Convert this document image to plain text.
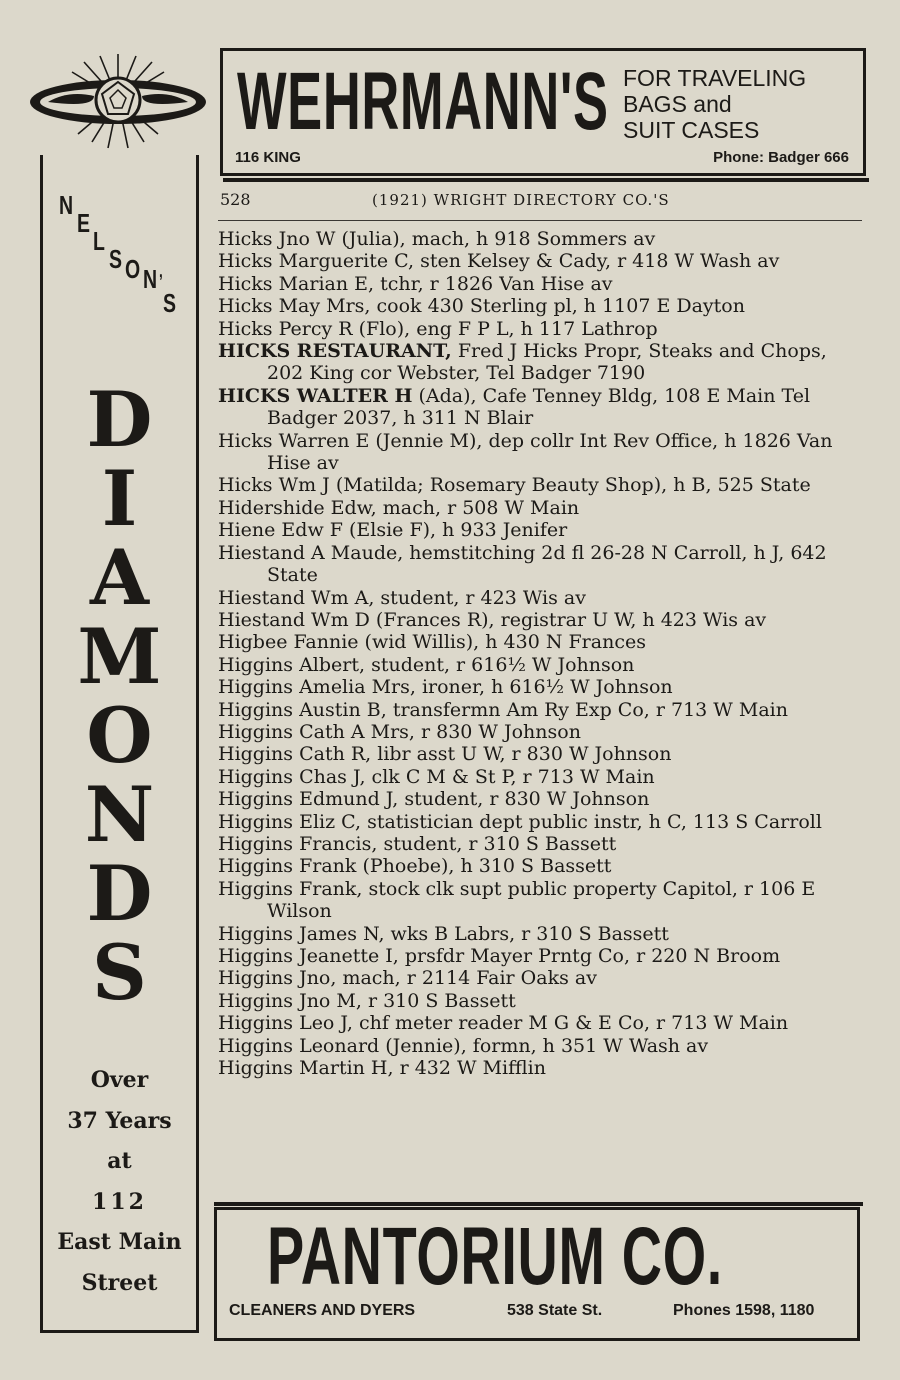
N
E
L
S O N ,
S
D
I
A
M
O
N
D
S
Over
37 Years
at
112
East Main
Street
WEHRMANN'S FOR TRAVELING
BAGS and
SUIT CASES
116 KING	Phone: Badger 666
528	(1921) WRIGHT DIRECTORY CO.'S
Hicks Jno W (Julia), mach, h 918 Sommers av
Hicks Marguerite C, sten Kelsey & Cady, r 418 W Wash av
Hicks Marian E, tchr, r 1826 Van Hise av
Hicks May Mrs, cook 430 Sterling pl, h 1107 E Dayton
Hicks Percy R (Flo), eng F P L, h 117 Lathrop
HICKS RESTAURANT, Fred J Hicks Propr, Steaks and Chops, 202 King cor Webster, Tel Badger 7190
HICKS WALTER H (Ada), Cafe Tenney Bldg, 108 E Main Tel Badger 2037, h 311 N Blair
Hicks Warren E (Jennie M), dep collr Int Rev Office, h 1826 Van Hise av
Hicks Wm J (Matilda; Rosemary Beauty Shop), h B, 525 State
Hidershide Edw, mach, r 508 W Main
Hiene Edw F (Elsie F), h 933 Jenifer
Hiestand A Maude, hemstitching 2d fl 26-28 N Carroll, h J, 642 State
Hiestand Wm A, student, r 423 Wis av
Hiestand Wm D (Frances R), registrar U W, h 423 Wis av
Higbee Fannie (wid Willis), h 430 N Frances
Higgins Albert, student, r 616½ W Johnson
Higgins Amelia Mrs, ironer, h 616½ W Johnson
Higgins Austin B, transfermn Am Ry Exp Co, r 713 W Main
Higgins Cath A Mrs, r 830 W Johnson
Higgins Cath R, libr asst U W, r 830 W Johnson
Higgins Chas J, clk C M & St P, r 713 W Main
Higgins Edmund J, student, r 830 W Johnson
Higgins Eliz C, statistician dept public instr, h C, 113 S Carroll
Higgins Francis, student, r 310 S Bassett
Higgins Frank (Phoebe), h 310 S Bassett
Higgins Frank, stock clk supt public property Capitol, r 106 E Wilson
Higgins James N, wks B Labrs, r 310 S Bassett
Higgins Jeanette I, prsfdr Mayer Prntg Co, r 220 N Broom
Higgins Jno, mach, r 2114 Fair Oaks av
Higgins Jno M, r 310 S Bassett
Higgins Leo J, chf meter reader M G & E Co, r 713 W Main
Higgins Leonard (Jennie), formn, h 351 W Wash av
Higgins Martin H, r 432 W Mifflin
PANTORIUM CO.
CLEANERS AND DYERS	538 State St.	Phones 1598, 1180
